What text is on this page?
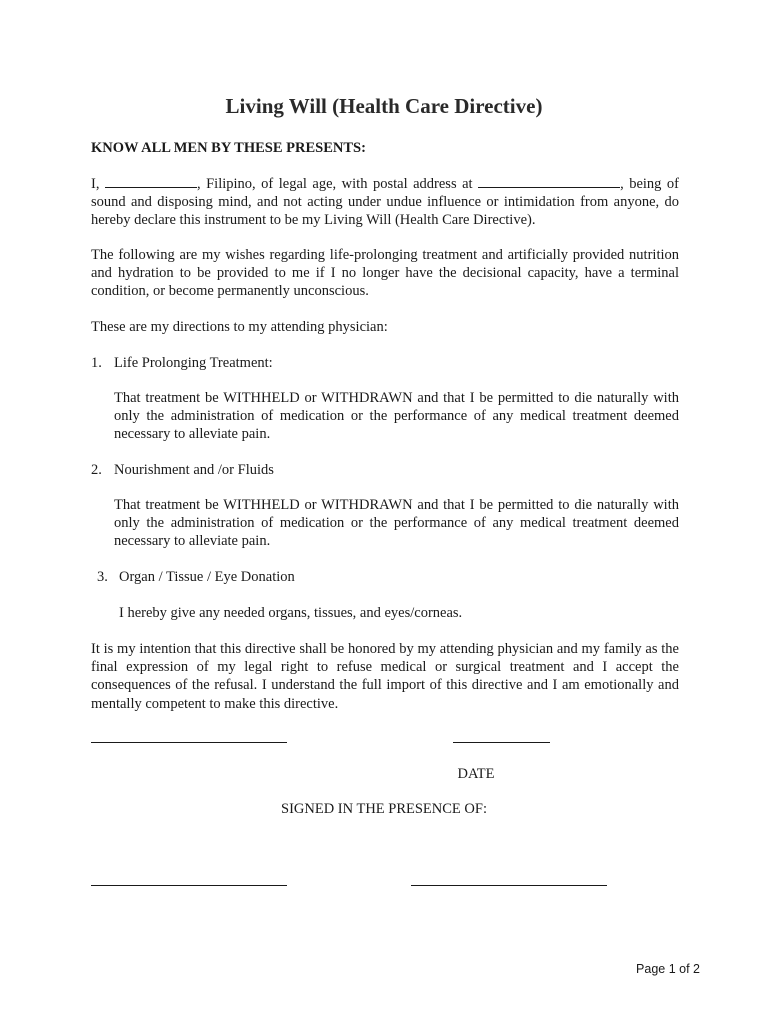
Living Will (Health Care Directive)

KNOW ALL MEN BY THESE PRESENTS:

I,	, Filipino, of legal age, with postal address at	, being of sound and disposing mind, and not acting under undue influence or intimidation from anyone, do hereby declare this instrument to be my Living Will (Health Care Directive).

The following are my wishes regarding life-prolonging treatment and artificially provided nutrition and hydration to be provided to me if I no longer have the decisional capacity, have a terminal condition, or become permanently unconscious.

These are my directions to my attending physician:

1. Life Prolonging Treatment:

That treatment be WITHHELD or WITHDRAWN and that I be permitted to die naturally with only the administration of medication or the performance of any medical treatment deemed necessary to alleviate pain.

2. Nourishment and /or Fluids

That treatment be WITHHELD or WITHDRAWN and that I be permitted to die naturally with only the administration of medication or the performance of any medical treatment deemed necessary to alleviate pain.

3. Organ / Tissue / Eye Donation

I hereby give any needed organs, tissues, and eyes/corneas.

It is my intention that this directive shall be honored by my attending physician and my family as the final expression of my legal right to refuse medical or surgical treatment and I accept the consequences of the refusal. I understand the full import of this directive and I am emotionally and mentally competent to make this directive.

DATE

SIGNED IN THE PRESENCE OF:

Page 1 of 2
